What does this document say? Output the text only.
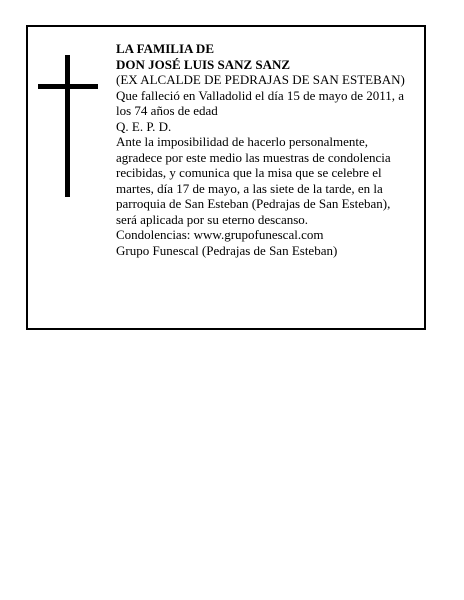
LA FAMILIA DE
DON JOSÉ LUIS SANZ SANZ
(EX ALCALDE DE PEDRAJAS DE SAN ESTEBAN)
Que falleció en Valladolid el día 15 de mayo de 2011, a
los 74 años de edad
Q. E. P. D.
Ante la imposibilidad de hacerlo personalmente,
agradece por este medio las muestras de condolencia
recibidas, y comunica que la misa que se celebre el
martes, día 17 de mayo, a las siete de la tarde, en la
parroquia de San Esteban (Pedrajas de San Esteban),
será aplicada por su eterno descanso.
Condolencias: www.grupofunescal.com
Grupo Funescal (Pedrajas de San Esteban)
